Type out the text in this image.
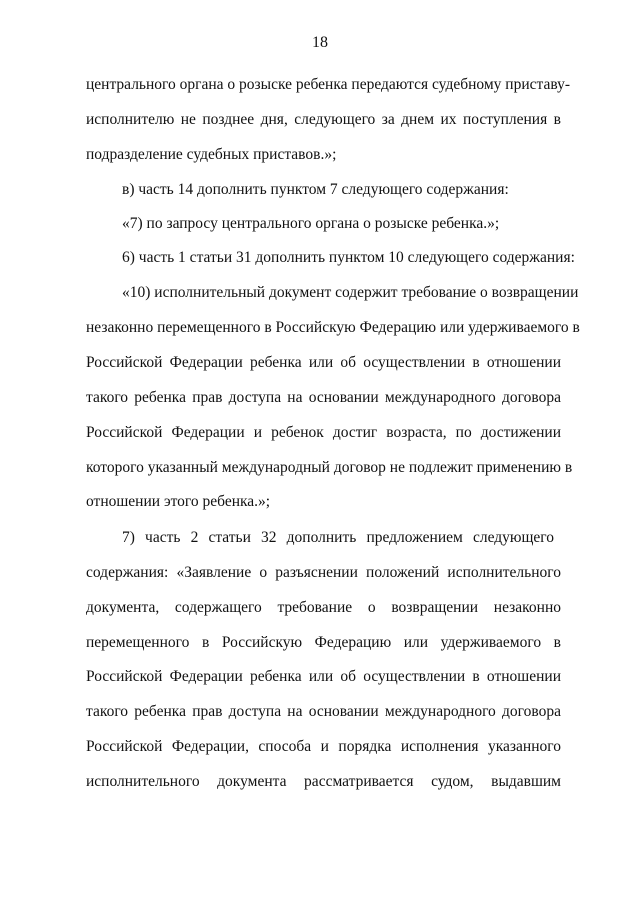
18
центрального органа о розыске ребенка передаются судебному приставу-
исполнителю не позднее дня, следующего за днем их поступления в
подразделение судебных приставов.»;
в) часть 14 дополнить пунктом 7 следующего содержания:
«7) по запросу центрального органа о розыске ребенка.»;
6) часть 1 статьи 31 дополнить пунктом 10 следующего содержания:
«10) исполнительный документ содержит требование о возвращении
незаконно перемещенного в Российскую Федерацию или удерживаемого в
Российской Федерации ребенка или об осуществлении в отношении
такого ребенка прав доступа на основании международного договора
Российской Федерации и ребенок достиг возраста, по достижении
которого указанный международный договор не подлежит применению в
отношении этого ребенка.»;
7) часть 2 статьи 32 дополнить предложением следующего
содержания: «Заявление о разъяснении положений исполнительного
документа, содержащего требование о возвращении незаконно
перемещенного в Российскую Федерацию или удерживаемого в
Российской Федерации ребенка или об осуществлении в отношении
такого ребенка прав доступа на основании международного договора
Российской Федерации, способа и порядка исполнения указанного
исполнительного документа рассматривается судом, выдавшим
